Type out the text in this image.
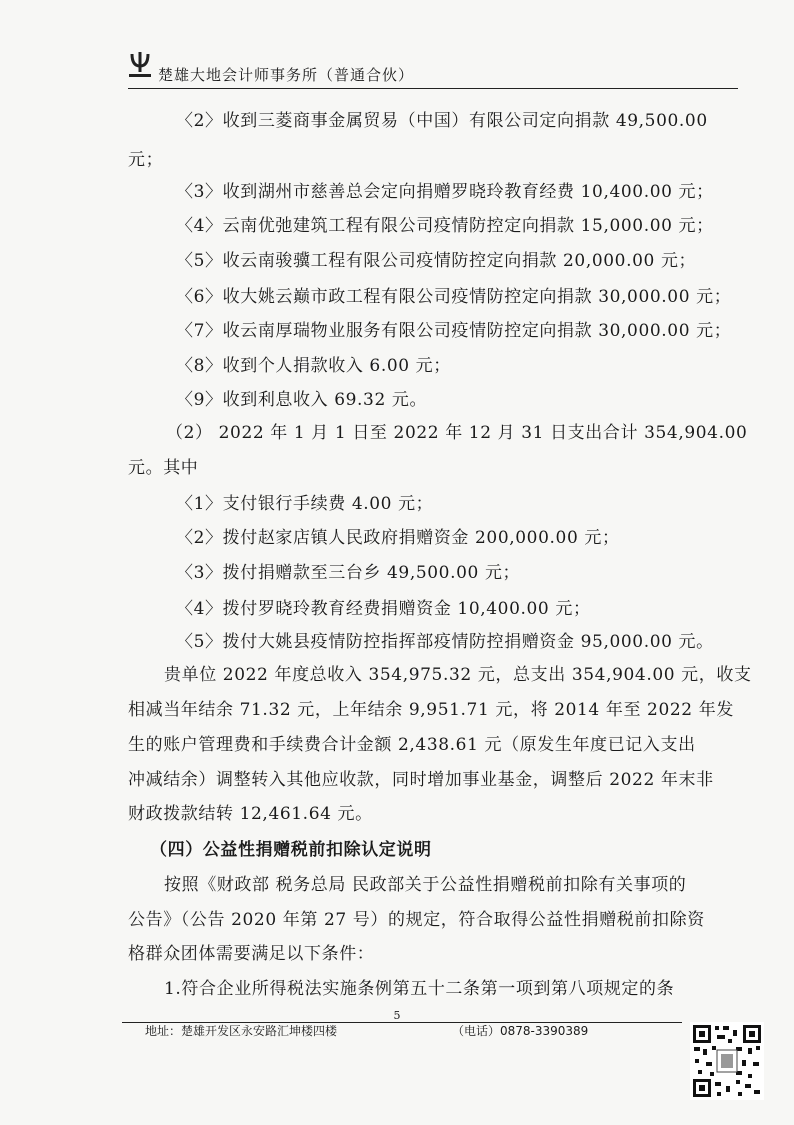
楚雄大地会计师事务所（普通合伙）
〈2〉收到三菱商事金属贸易（中国）有限公司定向捐款 49,500.00
元；
〈3〉收到湖州市慈善总会定向捐赠罗晓玲教育经费 10,400.00 元；
〈4〉云南优弛建筑工程有限公司疫情防控定向捐款 15,000.00 元；
〈5〉收云南骏骥工程有限公司疫情防控定向捐款 20,000.00 元；
〈6〉收大姚云巅市政工程有限公司疫情防控定向捐款 30,000.00 元；
〈7〉收云南厚瑞物业服务有限公司疫情防控定向捐款 30,000.00 元；
〈8〉收到个人捐款收入 6.00 元；
〈9〉收到利息收入 69.32 元。
（2） 2022 年 1 月 1 日至 2022 年 12 月 31 日支出合计 354,904.00
元。其中
〈1〉支付银行手续费 4.00 元；
〈2〉拨付赵家店镇人民政府捐赠资金 200,000.00 元；
〈3〉拨付捐赠款至三台乡 49,500.00 元；
〈4〉拨付罗晓玲教育经费捐赠资金 10,400.00 元；
〈5〉拨付大姚县疫情防控指挥部疫情防控捐赠资金 95,000.00 元。
贵单位 2022 年度总收入 354,975.32 元，总支出 354,904.00 元，收支
相减当年结余 71.32 元，上年结余 9,951.71 元，将 2014 年至 2022 年发
生的账户管理费和手续费合计金额 2,438.61 元（原发生年度已记入支出
冲减结余）调整转入其他应收款，同时增加事业基金，调整后 2022 年末非
财政拨款结转 12,461.64 元。
（四）公益性捐赠税前扣除认定说明
按照《财政部 税务总局 民政部关于公益性捐赠税前扣除有关事项的
公告》（公告 2020 年第 27 号）的规定，符合取得公益性捐赠税前扣除资
格群众团体需要满足以下条件：
1.符合企业所得税法实施条例第五十二条第一项到第八项规定的条
5
地址：楚雄开发区永安路汇坤楼四楼	（电话）0878-3390389
